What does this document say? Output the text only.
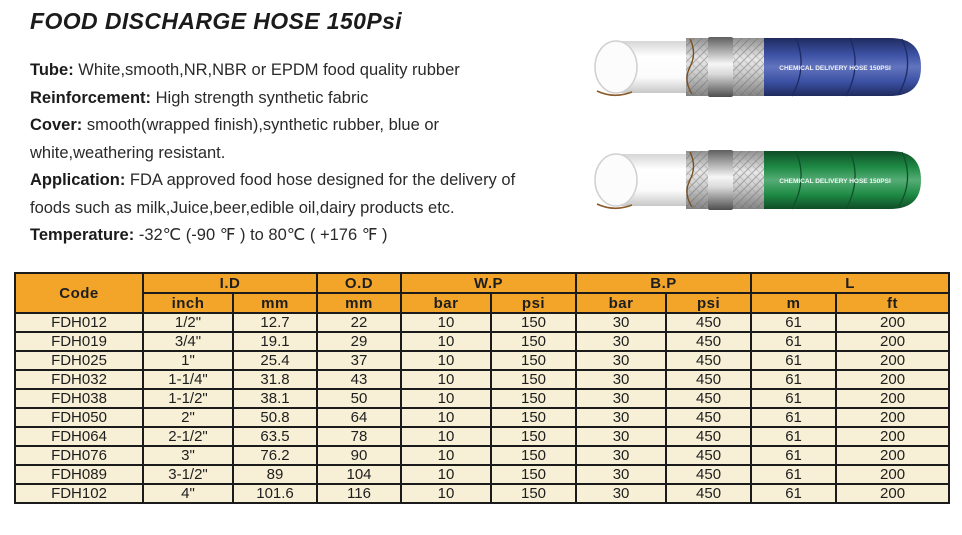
FOOD DISCHARGE HOSE 150Psi
Tube: White,smooth,NR,NBR or EPDM food quality rubber
Reinforcement: High strength synthetic fabric
Cover: smooth(wrapped finish),synthetic rubber, blue or
white,weathering resistant.
Application: FDA approved food hose designed for the delivery of
foods such as milk,Juice,beer,edible oil,dairy products etc.
Temperature: -32℃ (-90 ℉ ) to 80℃ ( +176 ℉ )
CHEMICAL DELIVERY HOSE 150PSI
CHEMICAL DELIVERY HOSE 150PSI
Code	I.D		O.D	W.P		B.P		L	
	inch	mm	mm	bar	psi	bar	psi	m	ft
FDH012	1/2"	12.7	22	10	150	30	450	61	200
FDH019	3/4"	19.1	29	10	150	30	450	61	200
FDH025	1"	25.4	37	10	150	30	450	61	200
FDH032	1-1/4"	31.8	43	10	150	30	450	61	200
FDH038	1-1/2"	38.1	50	10	150	30	450	61	200
FDH050	2"	50.8	64	10	150	30	450	61	200
FDH064	2-1/2"	63.5	78	10	150	30	450	61	200
FDH076	3"	76.2	90	10	150	30	450	61	200
FDH089	3-1/2"	89	104	10	150	30	450	61	200
FDH102	4"	101.6	116	10	150	30	450	61	200
